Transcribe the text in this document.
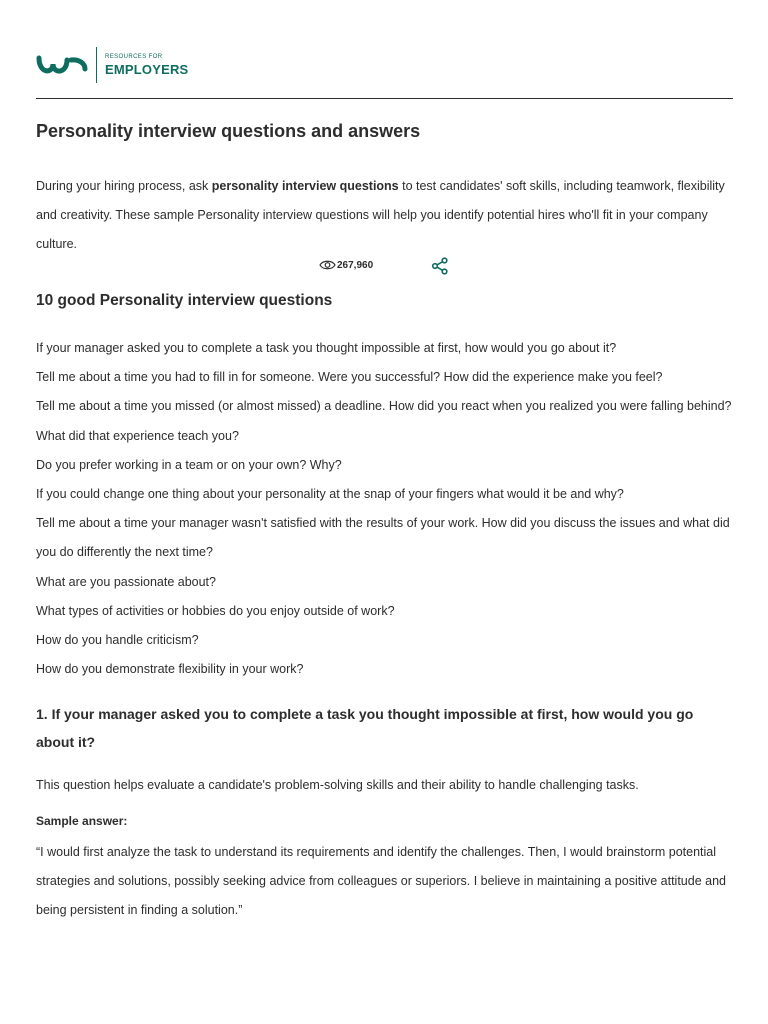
RESOURCES FOR
EMPLOYERS
Personality interview questions and answers

During your hiring process, ask personality interview questions to test candidates' soft skills, including teamwork, flexibility and creativity. These sample Personality interview questions will help you identify potential hires who'll fit in your company culture.

267,960
10 good Personality interview questions
If your manager asked you to complete a task you thought impossible at first, how would you go about it?
Tell me about a time you had to fill in for someone. Were you successful? How did the experience make you feel?
Tell me about a time you missed (or almost missed) a deadline. How did you react when you realized you were falling behind? What did that experience teach you?
Do you prefer working in a team or on your own? Why?
If you could change one thing about your personality at the snap of your fingers what would it be and why?
Tell me about a time your manager wasn't satisfied with the results of your work. How did you discuss the issues and what did you do differently the next time?
What are you passionate about?
What types of activities or hobbies do you enjoy outside of work?
How do you handle criticism?
How do you demonstrate flexibility in your work?
1. If your manager asked you to complete a task you thought impossible at first, how would you go about it?

This question helps evaluate a candidate's problem-solving skills and their ability to handle challenging tasks.

Sample answer:

“I would first analyze the task to understand its requirements and identify the challenges. Then, I would brainstorm potential strategies and solutions, possibly seeking advice from colleagues or superiors. I believe in maintaining a positive attitude and being persistent in finding a solution.”
